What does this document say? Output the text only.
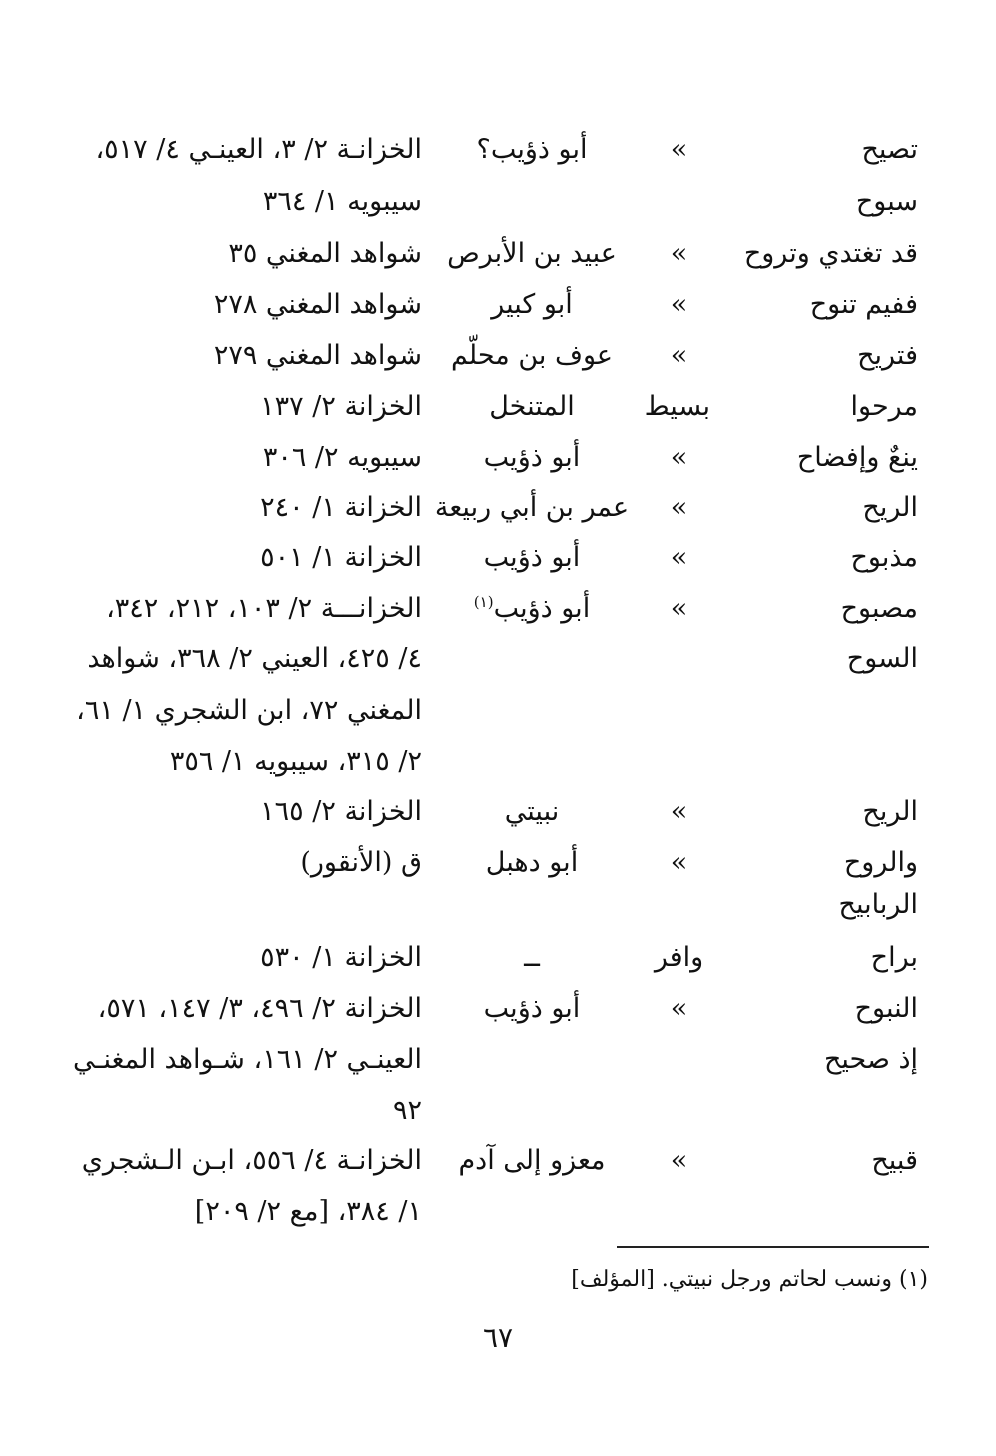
تصيح
»
أبو ذؤيب؟
الخزانـة ٢/ ٣، العينـي ٤/ ٥١٧،
سبوح
سيبويه ١/ ٣٦٤
قد تغتدي وتروح
»
عبيد بن الأبرص
شواهد المغني ٣٥
ففيم تنوح
»
أبو كبير
شواهد المغني ٢٧٨
فتريح
»
عوف بن محلّم
شواهد المغني ٢٧٩
مرحوا
بسيط
المتنخل
الخزانة ٢/ ١٣٧
ينعٌ وإفضاح
»
أبو ذؤيب
سيبويه ٢/ ٣٠٦
الريح
»
عمر بن أبي ربيعة
الخزانة ١/ ٢٤٠
مذبوح
»
أبو ذؤيب
الخزانة ١/ ٥٠١
مصبوح
»
أبو ذؤيب$^{(١)}$
الخزانـــة ٢/ ١٠٣، ٢١٢، ٣٤٢،
السوح
٤/ ٤٢٥، العيني ٢/ ٣٦٨، شواهد
المغني ٧٢، ابن الشجري ١/ ٦١،
٢/ ٣١٥، سيبويه ١/ ٣٥٦
الريح
»
نبيتي
الخزانة ٢/ ١٦٥
والروح
»
أبو دهبل
ق (الأنقور)
الربابيح
براح
وافر
ــ
الخزانة ١/ ٥٣٠
النبوح
»
أبو ذؤيب
الخزانة ٢/ ٤٩٦، ٣/ ١٤٧، ٥٧١،
إذ صحيح
العينـي ٢/ ١٦١، شـواهد المغنـي
٩٢
قبيح
»
معزو إلى آدم
الخزانـة ٤/ ٥٥٦، ابـن الـشجري
١/ ٣٨٤، [مع ٢/ ٢٠٩]
(١) ونسب لحاتم ورجل نبيتي. [المؤلف]
٦٧
